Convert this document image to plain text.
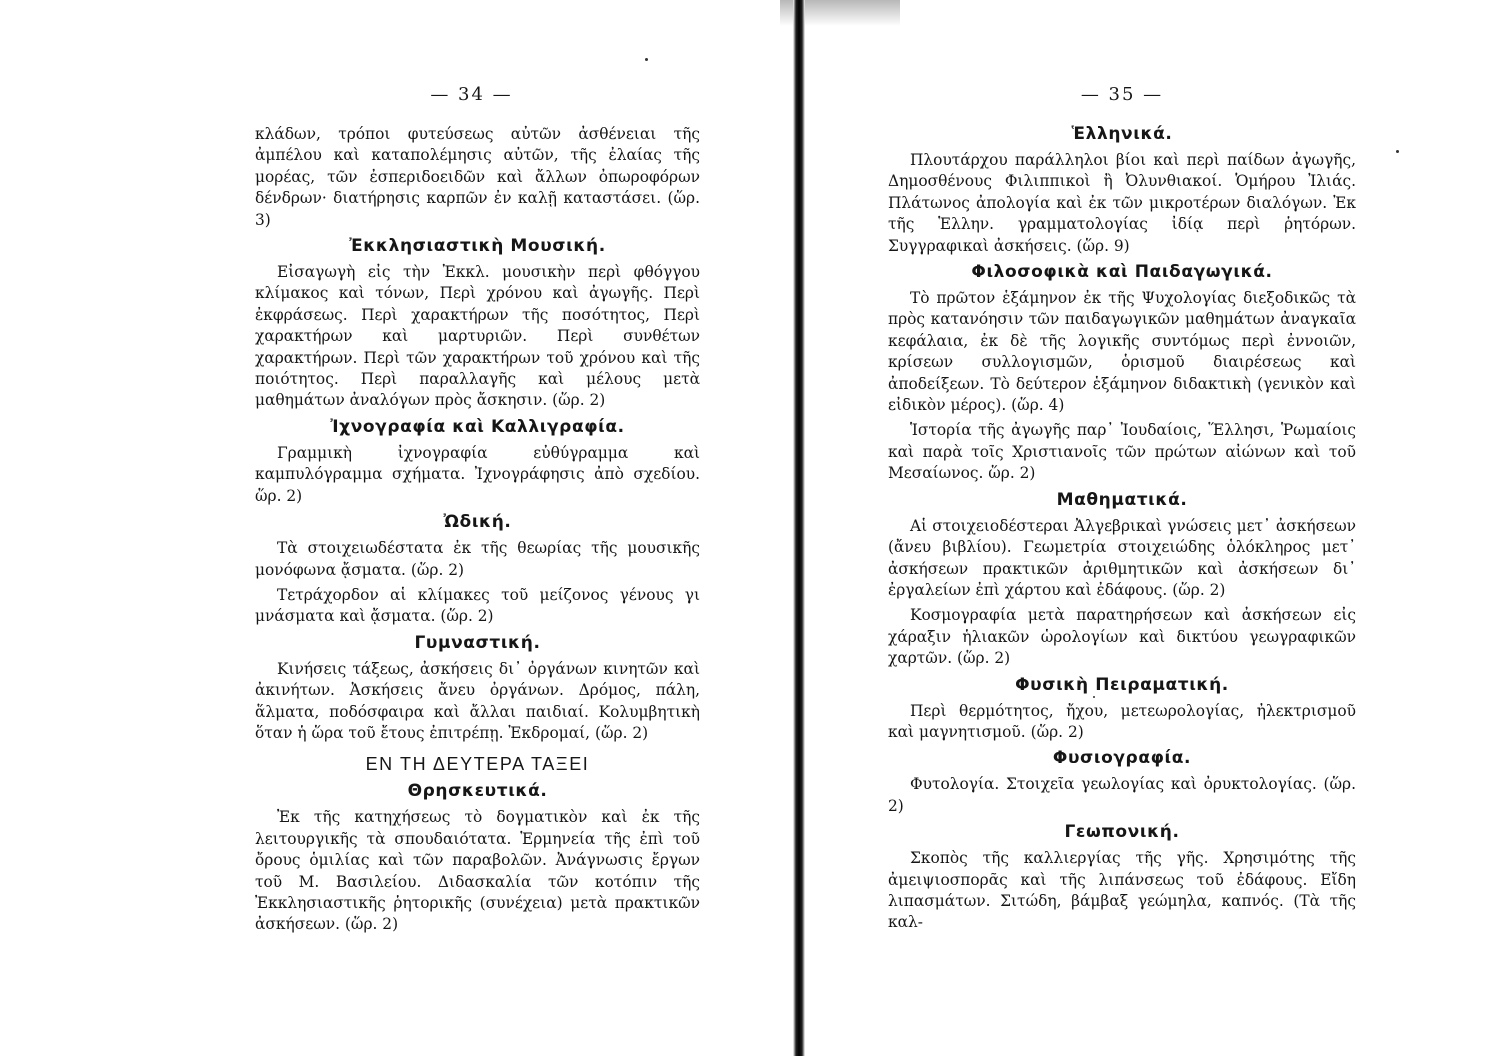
— 34 —

κλάδων, τρόποι φυτεύσεως αὐτῶν ἀσθένειαι τῆς ἀμπέλου καὶ καταπολέμησις αὐτῶν, τῆς ἐλαίας τῆς μορέας, τῶν ἐσπεριδοειδῶν καὶ ἄλλων ὀπωροφόρων δένδρων· διατήρησις καρπῶν ἐν καλῇ καταστάσει. (ὥρ. 3)

Ἐκκλησιαστικὴ Μουσική.

Εἰσαγωγὴ εἰς τὴν Ἐκκλ. μουσικὴν περὶ φθόγγου κλίμακος καὶ τόνων, Περὶ χρόνου καὶ ἀγωγῆς. Περὶ ἐκφράσεως. Περὶ χαρακτήρων τῆς ποσότητος, Περὶ χαρακτήρων καὶ μαρτυριῶν. Περὶ συνθέτων χαρακτήρων. Περὶ τῶν χαρακτήρων τοῦ χρόνου καὶ τῆς ποιότητος. Περὶ παραλλαγῆς καὶ μέλους μετὰ μαθημάτων ἀναλόγων πρὸς ἄσκησιν. (ὥρ. 2)

Ἰχνογραφία καὶ Καλλιγραφία.

Γραμμικὴ ἰχνογραφία εὐθύγραμμα καὶ καμπυλόγραμμα σχήματα. Ἰχνογράφησις ἀπὸ σχεδίου. ὥρ. 2)

Ὠδική.

Τὰ στοιχειωδέστατα ἐκ τῆς θεωρίας τῆς μουσικῆς μονόφωνα ᾄσματα. (ὥρ. 2)

Τετράχορδον αἱ κλίμακες τοῦ μείζονος γένους γι μνάσματα καὶ ᾄσματα. (ὥρ. 2)

Γυμναστική.

Κινήσεις τάξεως, ἀσκήσεις δι᾽ ὀργάνων κινητῶν καὶ ἀκινήτων. Ἀσκήσεις ἄνευ ὀργάνων. Δρόμος, πάλη, ἅλματα, ποδόσφαιρα καὶ ἄλλαι παιδιαί. Κολυμβητικὴ ὅταν ἡ ὥρα τοῦ ἔτους ἐπιτρέπῃ. Ἐκδρομαί, (ὥρ. 2)

ΕΝ ΤΗ ΔΕΥΤΕΡΑ ΤΑΞΕΙ
Θρησκευτικά.

Ἐκ τῆς κατηχήσεως τὸ δογματικὸν καὶ ἐκ τῆς λειτουργικῆς τὰ σπουδαιότατα. Ἑρμηνεία τῆς ἐπὶ τοῦ ὄρους ὁμιλίας καὶ τῶν παραβολῶν. Ἀνάγνωσις ἔργων τοῦ Μ. Βασιλείου. Διδασκαλία τῶν κοτόπιν τῆς Ἐκκλησιαστικῆς ῥητορικῆς (συνέχεια) μετὰ πρακτικῶν ἀσκήσεων. (ὥρ. 2)

— 35 —
Ἑλληνικά.

Πλουτάρχου παράλληλοι βίοι καὶ περὶ παίδων ἀγωγῆς, Δημοσθένους Φιλιππικοὶ ἢ Ὀλυνθιακοί. Ὁμήρου Ἰλιάς. Πλάτωνος ἀπολογία καὶ ἐκ τῶν μικροτέρων διαλόγων. Ἐκ τῆς Ἑλλην. γραμματολογίας ἰδίᾳ περὶ ῥητόρων. Συγγραφικαὶ ἀσκήσεις. (ὥρ. 9)

Φιλοσοφικὰ καὶ Παιδαγωγικά.

Τὸ πρῶτον ἑξάμηνον ἐκ τῆς Ψυχολογίας διεξοδικῶς τὰ πρὸς κατανόησιν τῶν παιδαγωγικῶν μαθημάτων ἀναγκαῖα κεφάλαια, ἐκ δὲ τῆς λογικῆς συντόμως περὶ ἐννοιῶν, κρίσεων συλλογισμῶν, ὁρισμοῦ διαιρέσεως καὶ ἀποδείξεων. Τὸ δεύτερον ἑξάμηνον διδακτικὴ (γενικὸν καὶ εἰδικὸν μέρος). (ὥρ. 4)

Ἱστορία τῆς ἀγωγῆς παρ᾽ Ἰουδαίοις, Ἕλλησι, Ῥωμαίοις καὶ παρὰ τοῖς Χριστιανοῖς τῶν πρώτων αἰώνων καὶ τοῦ Μεσαίωνος. ὥρ. 2)

Μαθηματικά.

Αἱ στοιχειοδέστεραι Ἀλγεβρικαὶ γνώσεις μετ᾽ ἀσκήσεων (ἄνευ βιβλίου). Γεωμετρία στοιχειώδης ὁλόκληρος μετ᾽ ἀσκήσεων πρακτικῶν ἀριθμητικῶν καὶ ἀσκήσεων δι᾽ ἐργαλείων ἐπὶ χάρτου καὶ ἐδάφους. (ὥρ. 2)

Κοσμογραφία μετὰ παρατηρήσεων καὶ ἀσκήσεων εἰς χάραξιν ἡλιακῶν ὡρολογίων καὶ δικτύου γεωγραφικῶν χαρτῶν. (ὥρ. 2)

Φυσικὴ Πειραματική.

Περὶ θερμότητος, ἤχου, μετεωρολογίας, ἠλεκτρισμοῦ καὶ μαγνητισμοῦ. (ὥρ. 2)

Φυσιογραφία.

Φυτολογία. Στοιχεῖα γεωλογίας καὶ ὀρυκτολογίας. (ὥρ. 2)

Γεωπονική.

Σκοπὸς τῆς καλλιεργίας τῆς γῆς. Χρησιμότης τῆς ἀμειψιοσπορᾶς καὶ τῆς λιπάνσεως τοῦ ἐδάφους. Εἴδη λιπασμάτων. Σιτώδη, βάμβαξ γεώμηλα, καπνός. (Τὰ τῆς καλ-
